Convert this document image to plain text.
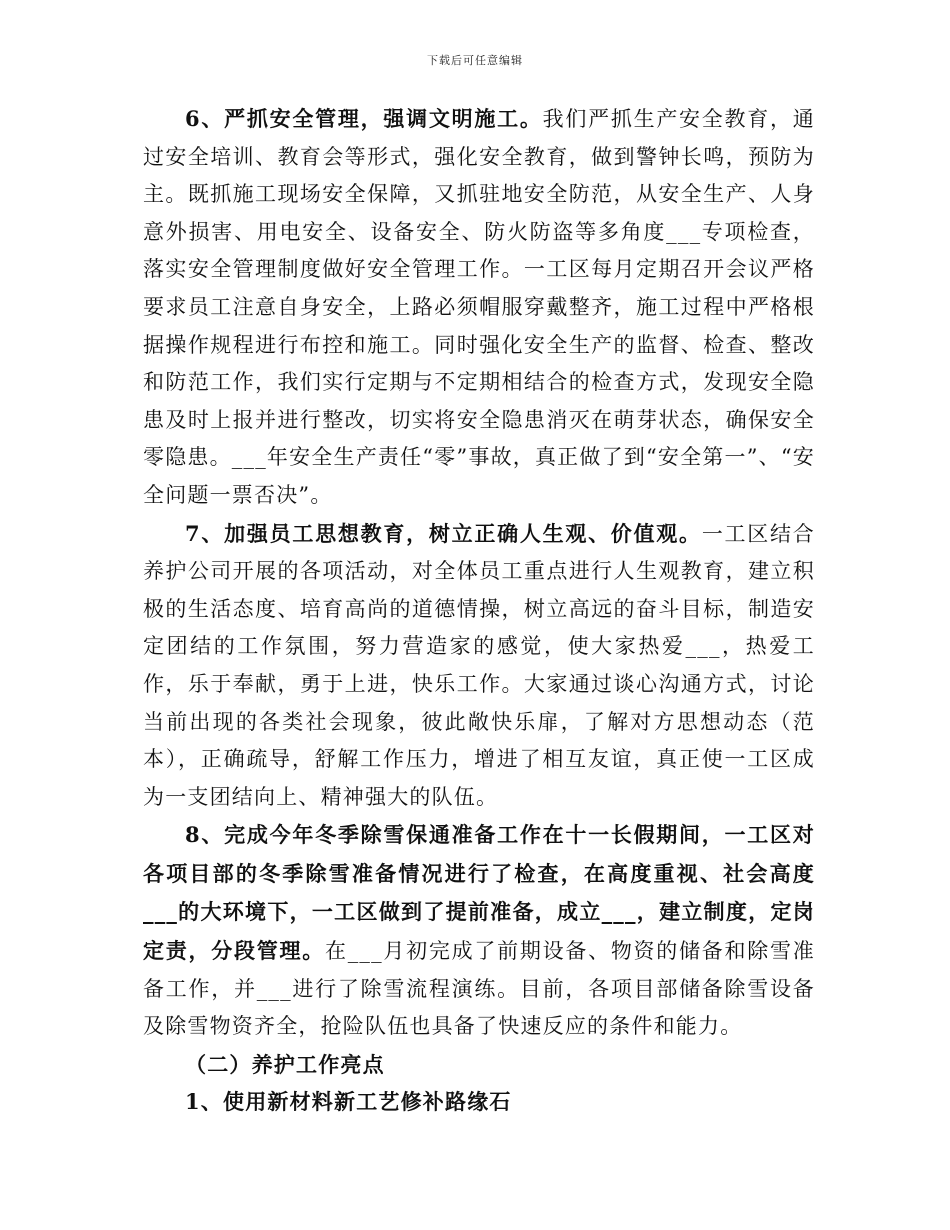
下载后可任意编辑

6、严抓安全管理，强调文明施工。我们严抓生产安全教育，通过安全培训、教育会等形式，强化安全教育，做到警钟长鸣，预防为主。既抓施工现场安全保障，又抓驻地安全防范，从安全生产、人身意外损害、用电安全、设备安全、防火防盗等多角度___专项检查，落实安全管理制度做好安全管理工作。一工区每月定期召开会议严格要求员工注意自身安全，上路必须帽服穿戴整齐，施工过程中严格根据操作规程进行布控和施工。同时强化安全生产的监督、检查、整改和防范工作，我们实行定期与不定期相结合的检查方式，发现安全隐患及时上报并进行整改，切实将安全隐患消灭在萌芽状态，确保安全零隐患。___年安全生产责任“零”事故，真正做了到“安全第一”、“安全问题一票否决”。

7、加强员工思想教育，树立正确人生观、价值观。一工区结合养护公司开展的各项活动，对全体员工重点进行人生观教育，建立积极的生活态度、培育高尚的道德情操，树立高远的奋斗目标，制造安定团结的工作氛围，努力营造家的感觉，使大家热爱___，热爱工作，乐于奉献，勇于上进，快乐工作。大家通过谈心沟通方式，讨论当前出现的各类社会现象，彼此敞快乐扉，了解对方思想动态（范本），正确疏导，舒解工作压力，增进了相互友谊，真正使一工区成为一支团结向上、精神强大的队伍。

8、完成今年冬季除雪保通准备工作在十一长假期间，一工区对各项目部的冬季除雪准备情况进行了检查，在高度重视、社会高度___的大环境下，一工区做到了提前准备，成立___，建立制度，定岗定责，分段管理。在___月初完成了前期设备、物资的储备和除雪准备工作，并___进行了除雪流程演练。目前，各项目部储备除雪设备及除雪物资齐全，抢险队伍也具备了快速反应的条件和能力。

（二）养护工作亮点

1、使用新材料新工艺修补路缘石
